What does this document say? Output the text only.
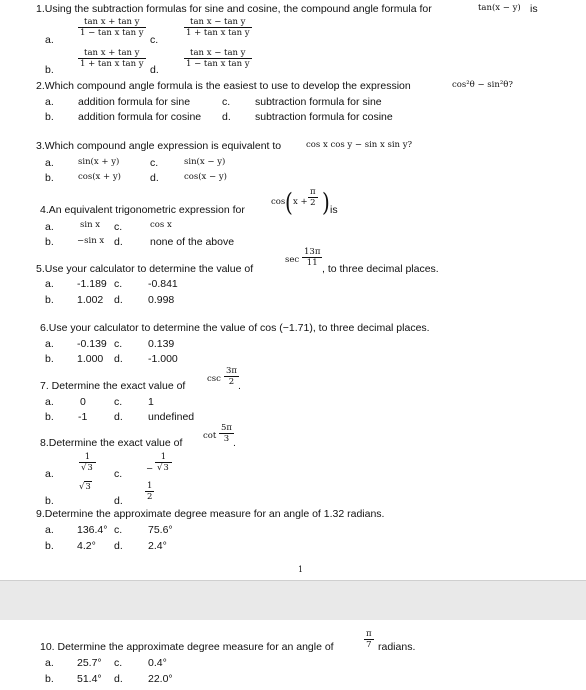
1.Using the subtraction formulas for sine and cosine, the compound angle formula for	tan(x − y) is
a.
$\frac{\text{tan x + tan y}}{\text{1 − tan x tan y}}$
c.
$\frac{\text{tan x − tan y}}{\text{1 + tan x tan y}}$
b.
$\frac{\text{tan x + tan y}}{\text{1 + tan x tan y}}$
d.
$\frac{\text{tan x − tan y}}{\text{1 − tan x tan y}}$
2.Which compound angle formula is the easiest to use to develop the expression	cos²θ − sin²θ?
a. addition formula for sine	c. subtraction formula for sine
b. addition formula for cosine d. subtraction formula for cosine
3.Which compound angle expression is equivalent to	cos x cos y − sin x sin y?
a.	sin(x + y)	c.	sin(x − y)
b.	cos(x + y)	d.	cos(x − y)
4.An equivalent trigonometric expression for
cos ( $x + \frac{\pi}{2}$ ) is
a.	sin x c.	cos x
b.	−sin x d.	none of the above
5.Use your calculator to determine the value of
$\sec \frac{13\pi}{11}$
, to three decimal places.
a. -1.189 c. -0.841
b. 1.002 d. 0.998
6.Use your calculator to determine the value of cos (−1.71), to three decimal places.
a. -0.139 c. 0.139
b. 1.000 d. -1.000
7. Determine the exact value of
$\csc \frac{3\pi}{2}$ .
a. 0	c. 1
b. -1	d. undefined
8.Determine the exact value of
$\cot \frac{5\pi}{3}$ .
a.
$\frac{1}{√3}$
c.	− $\frac{1}{√3}$
b.
√3
d.	$\frac{1}{2}$
9.Determine the approximate degree measure for an angle of 1.32 radians.
a. 136.4° c. 75.6°
b. 4.2° d. 2.4°
1
10. Determine the approximate degree measure for an angle of	$\frac{\pi}{7}$ radians.
a. 25.7° c. 0.4°
b. 51.4° d. 22.0°
